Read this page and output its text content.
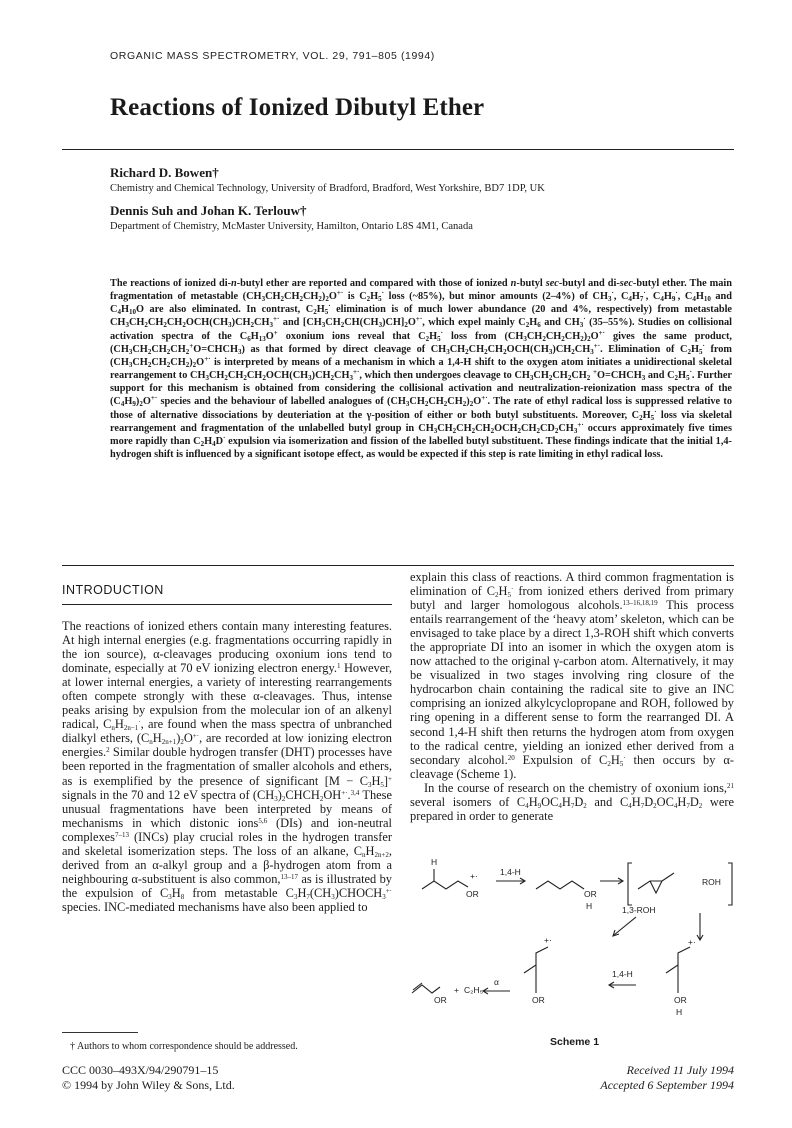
ORGANIC MASS SPECTROMETRY, VOL. 29, 791–805 (1994)
Reactions of Ionized Dibutyl Ether
Richard D. Bowen†
Chemistry and Chemical Technology, University of Bradford, Bradford, West Yorkshire, BD7 1DP, UK
Dennis Suh and Johan K. Terlouw†
Department of Chemistry, McMaster University, Hamilton, Ontario L8S 4M1, Canada
The reactions of ionized di-n-butyl ether are reported and compared with those of ionized n-butyl sec-butyl and di-sec-butyl ether. The main fragmentation of metastable $(CH_3CH_2CH_2CH_2)_2O^{+\cdot}$ is $C_2H_5^\cdot$ loss (~85%), but minor amounts (2–4%) of $CH_3^\cdot$, $C_4H_7^\cdot$, $C_4H_9^\cdot$, $C_4H_{10}$ and $C_4H_{10}O$ are also eliminated. In contrast, $C_2H_5^\cdot$ elimination is of much lower abundance (20 and 4%, respectively) from metastable $CH_3CH_2CH_2CH_2OCH(CH_3)CH_2CH_3^{+\cdot}$ and $[CH_3CH_2CH(CH_3)CH]_2O^{+\cdot}$, which expel mainly $C_2H_6$ and $CH_3^\cdot$ (35–55%). Studies on collisional activation spectra of the $C_6H_{13}O^+$ oxonium ions reveal that $C_2H_5^\cdot$ loss from $(CH_3CH_2CH_2CH_2)_2O^{+\cdot}$ gives the same product, $(CH_3CH_2CH_2CH_2^+O=CHCH_3)$ as that formed by direct cleavage of $CH_3CH_2CH_2CH_2OCH(CH_3)CH_2CH_3^{+\cdot}$. Elimination of $C_2H_5^\cdot$ from $(CH_3CH_2CH_2CH_2)_2O^{+\cdot}$ is interpreted by means of a mechanism in which a 1,4-H shift to the oxygen atom initiates a unidirectional skeletal rearrangement to $CH_3CH_2CH_2CH_2OCH(CH_3)CH_2CH_3^{+\cdot}$, which then undergoes cleavage to $CH_3CH_2CH_2CH_2$ $^+O=CHCH_3$ and $C_2H_5^\cdot$. Further support for this mechanism is obtained from considering the collisional activation and neutralization-reionization mass spectra of the $(C_4H_9)_2O^{+\cdot}$ species and the behaviour of labelled analogues of $(CH_3CH_2CH_2CH_2)_2O^{+\cdot}$. The rate of ethyl radical loss is suppressed relative to those of alternative dissociations by deuteriation at the γ-position of either or both butyl substituents. Moreover, $C_2H_5^\cdot$ loss via skeletal rearrangement and fragmentation of the unlabelled butyl group in $CH_3CH_2CH_2CH_2OCH_2CH_2CD_2CH_3^{+\cdot}$ occurs approximately five times more rapidly than $C_2H_4D^\cdot$ expulsion via isomerization and fission of the labelled butyl substituent. These findings indicate that the initial 1,4-hydrogen shift is influenced by a significant isotope effect, as would be expected if this step is rate limiting in ethyl radical loss.
INTRODUCTION

The reactions of ionized ethers contain many interesting features. At high internal energies (e.g. fragmentations occurring rapidly in the ion source), α-cleavages producing oxonium ions tend to dominate, especially at 70 eV ionizing electron energy.$^1$ However, at lower internal energies, a variety of interesting rearrangements often compete strongly with these α-cleavages. Thus, intense peaks arising by expulsion from the molecular ion of an alkenyl radical, $C_nH_{2n-1}^\cdot$, are found when the mass spectra of unbranched dialkyl ethers, $(C_nH_{2n+1})_2O^{+\cdot}$, are recorded at low ionizing electron energies.$^2$ Similar double hydrogen transfer (DHT) processes have been reported in the fragmentation of smaller alcohols and ethers, as is exemplified by the presence of significant $[M - C_3H_5]^+$ signals in the 70 and 12 eV spectra of $(CH_3)_2CHCH_2OH^{+\cdot}.^{3,4}$ These unusual fragmentations have been interpreted by means of mechanisms in which distonic ions$^{5,6}$ (DIs) and ion-neutral complexes$^{7-13}$ (INCs) play crucial roles in the hydrogen transfer and skeletal isomerization steps. The loss of an alkane, $C_nH_{2n+2}$, derived from an α-alkyl group and a β-hydrogen atom from a neighbouring α-substituent is also common,$^{13-17}$ as is illustrated by the expulsion of $C_3H_8$ from metastable $C_3H_7(CH_3)CHOCH_3^{+\cdot}$ species. INC-mediated mechanisms have also been applied to

explain this class of reactions. A third common fragmentation is elimination of $C_2H_5^\cdot$ from ionized ethers derived from primary butyl and larger homologous alcohols.$^{13-16,18,19}$ This process entails rearrangement of the ‘heavy atom’ skeleton, which can be envisaged to take place by a direct 1,3-ROH shift which converts the appropriate DI into an isomer in which the oxygen atom is now attached to the original γ-carbon atom. Alternatively, it may be visualized in two stages involving ring closure of the hydrocarbon chain containing the radical site to give an INC comprising an ionized alkylcyclopropane and ROH, followed by ring opening in a different sense to form the rearranged DI. A second 1,4-H shift then returns the hydrogen atom from oxygen to the radical centre, yielding an ionized ether derived from a secondary alcohol.$^{20}$ Expulsion of $C_2H_5^\cdot$ then occurs by α-cleavage (Scheme 1).

In the course of research on the chemistry of oxonium ions,$^{21}$ several isomers of $C_4H_9OC_4H_7D_2$ and $C_4H_7D_2OC_4H_7D_2$ were prepared in order to generate

H
+·	1,4-H
OR	OR
H
ROH
1,3-ROH
OR
+ C₂H₅·
α
+·
OR
1,4-H
OR
H
+·
Scheme 1
† Authors to whom correspondence should be addressed.
CCC 0030–493X/94/290791–15
© 1994 by John Wiley & Sons, Ltd.
Received 11 July 1994
Accepted 6 September 1994
